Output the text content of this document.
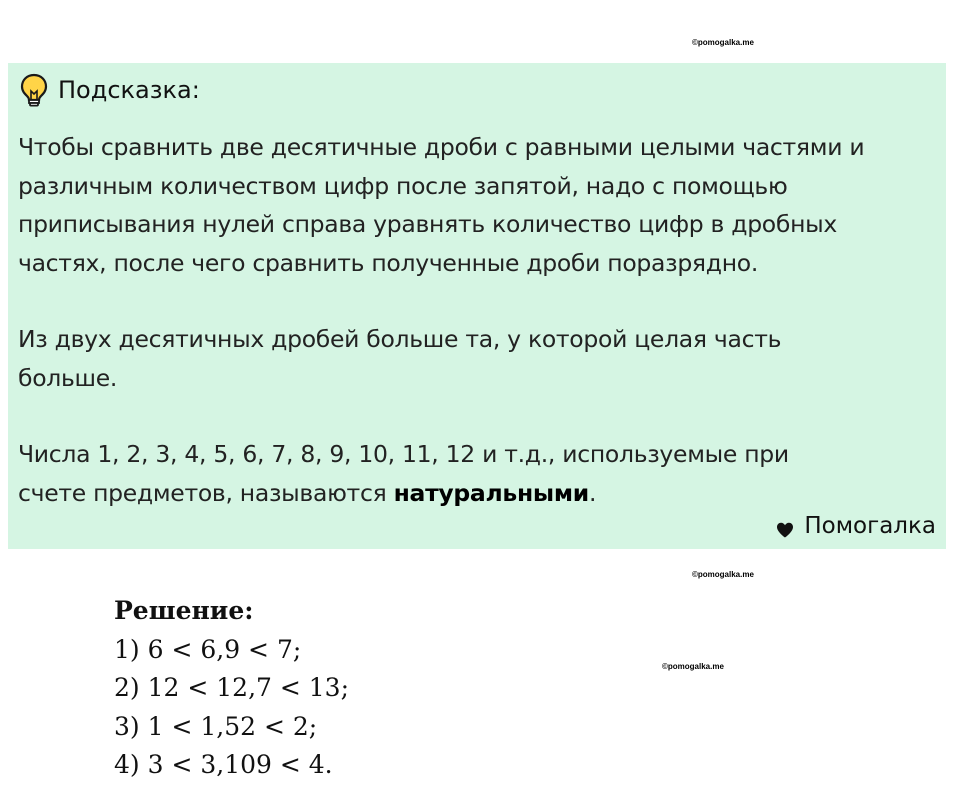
©pomogalka.me
Подсказка:
Чтобы сравнить две десятичные дроби с равными целыми частями и
различным количеством цифр после запятой, надо с помощью
приписывания нулей справа уравнять количество цифр в дробных
частях, после чего сравнить полученные дроби поразрядно.
Из двух десятичных дробей больше та, у которой целая часть
больше.
Числа 1, 2, 3, 4, 5, 6, 7, 8, 9, 10, 11, 12 и т.д., используемые при
счете предметов, называются натуральными.
Помогалка
©pomogalka.me
©pomogalka.me
Решение:
1) 6 < 6,9 < 7;
2) 12 < 12,7 < 13;
3) 1 < 1,52 < 2;
4) 3 < 3,109 < 4.
